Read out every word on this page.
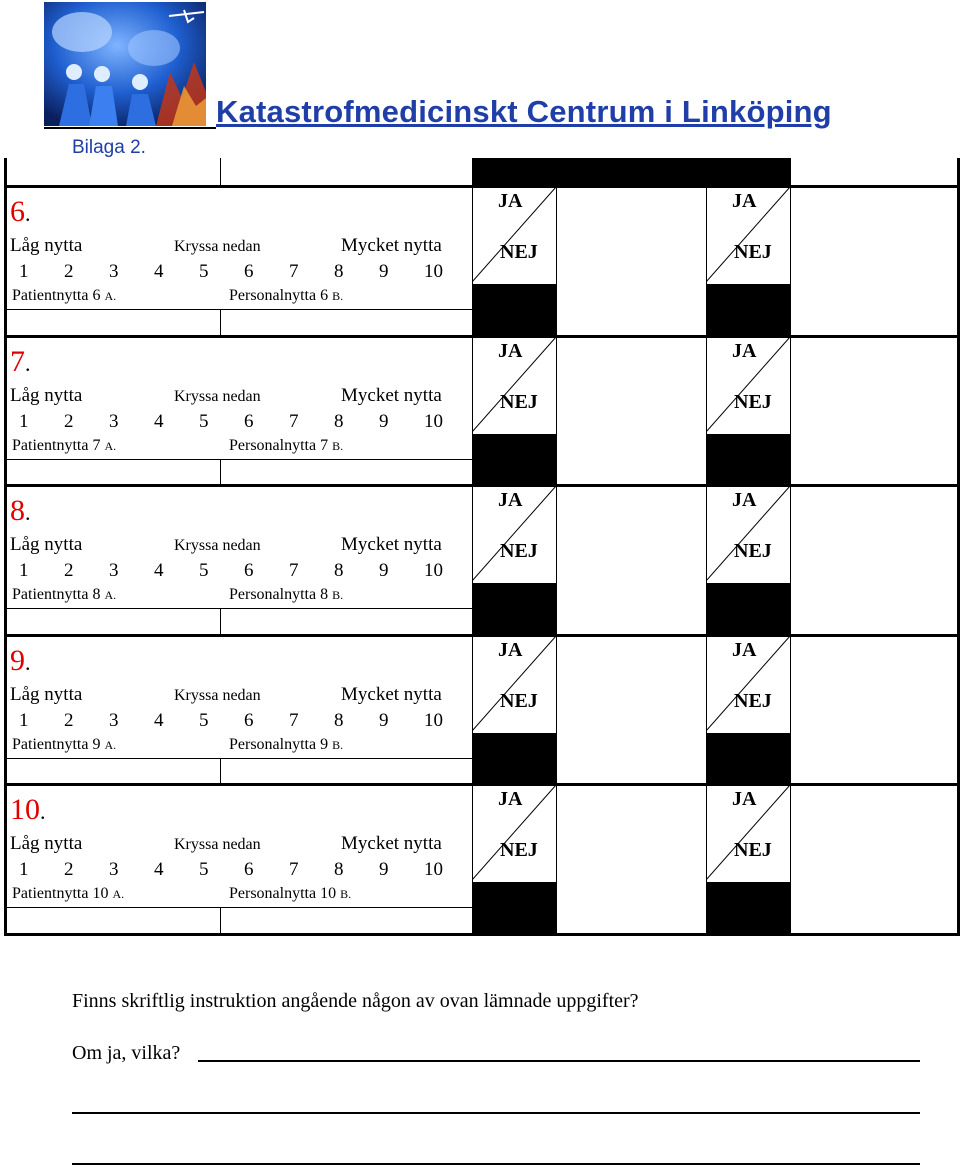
Katastrofmedicinskt Centrum i Linköping
Bilaga 2.
6.
Låg nytta	Kryssa nedan	Mycket nytta
1	2	3	4	5	6	7	8	9	10
Patientnytta 6 A.	Personalnytta 6 B.
JA
NEJ
JA
NEJ
7.
Låg nytta	Kryssa nedan	Mycket nytta
1	2	3	4	5	6	7	8	9	10
Patientnytta 7 A.	Personalnytta 7 B.
JA
NEJ
JA
NEJ
8.
Låg nytta	Kryssa nedan	Mycket nytta
1	2	3	4	5	6	7	8	9	10
Patientnytta 8 A.	Personalnytta 8 B.
JA
NEJ
JA
NEJ
9.
Låg nytta	Kryssa nedan	Mycket nytta
1	2	3	4	5	6	7	8	9	10
Patientnytta 9 A.	Personalnytta 9 B.
JA
NEJ
JA
NEJ
10.
Låg nytta	Kryssa nedan	Mycket nytta
1	2	3	4	5	6	7	8	9	10
Patientnytta 10 A.	Personalnytta 10 B.
JA
NEJ
JA
NEJ
Finns skriftlig instruktion angående någon av ovan lämnade uppgifter?
Om ja, vilka?
